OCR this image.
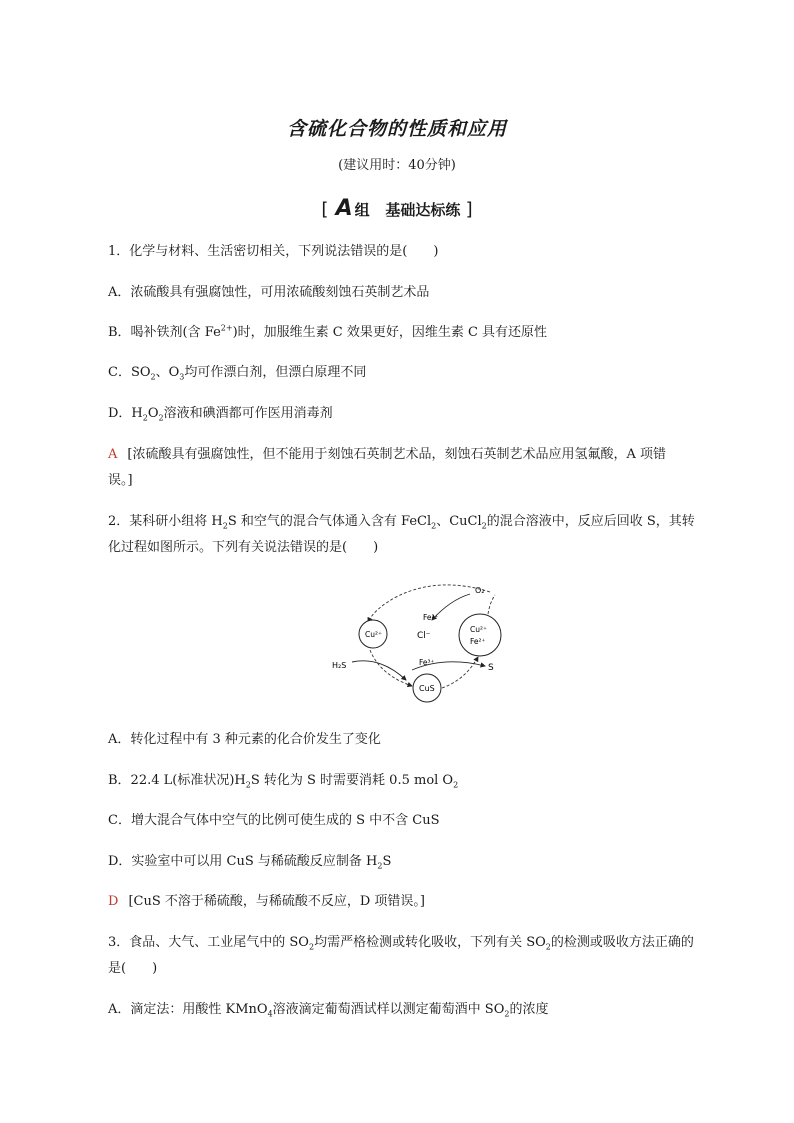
含硫化合物的性质和应用
(建议用时：40分钟)
[ A 组 基础达标练 ]
1．化学与材料、生活密切相关，下列说法错误的是(　　)
A．浓硫酸具有强腐蚀性，可用浓硫酸刻蚀石英制艺术品
B．喝补铁剂(含 $Fe^{2+}$)时，加服维生素 C 效果更好，因维生素 C 具有还原性
C．$SO_2$、$O_3$均可作漂白剂，但漂白原理不同
D．$H_2O_2$溶液和碘酒都可作医用消毒剂
A [浓硫酸具有强腐蚀性，但不能用于刻蚀石英制艺术品，刻蚀石英制艺术品应用氢氟酸，A 项错
误。]
2．某科研小组将 $H_2S$ 和空气的混合气体通入含有 FeCl$_2$、CuCl$_2$的混合溶液中，反应后回收 S，其转
化过程如图所示。下列有关说法错误的是(　　)
O₂
Cu²⁺
Fe³⁺
Cl⁻
Cu²⁺
Fe²⁺
H₂S	Fe³⁺
S
CuS
A．转化过程中有 3 种元素的化合价发生了变化
B．22.4 L(标准状况)$H_2S$ 转化为 S 时需要消耗 0.5 mol $O_2$
C．增大混合气体中空气的比例可使生成的 S 中不含 CuS
D．实验室中可以用 CuS 与稀硫酸反应制备 $H_2S$
D [CuS 不溶于稀硫酸，与稀硫酸不反应，D 项错误。]
3．食品、大气、工业尾气中的 $SO_2$均需严格检测或转化吸收，下列有关 $SO_2$的检测或吸收方法正确的
是(　　)
A．滴定法：用酸性 KMnO$_4$溶液滴定葡萄酒试样以测定葡萄酒中 $SO_2$的浓度
